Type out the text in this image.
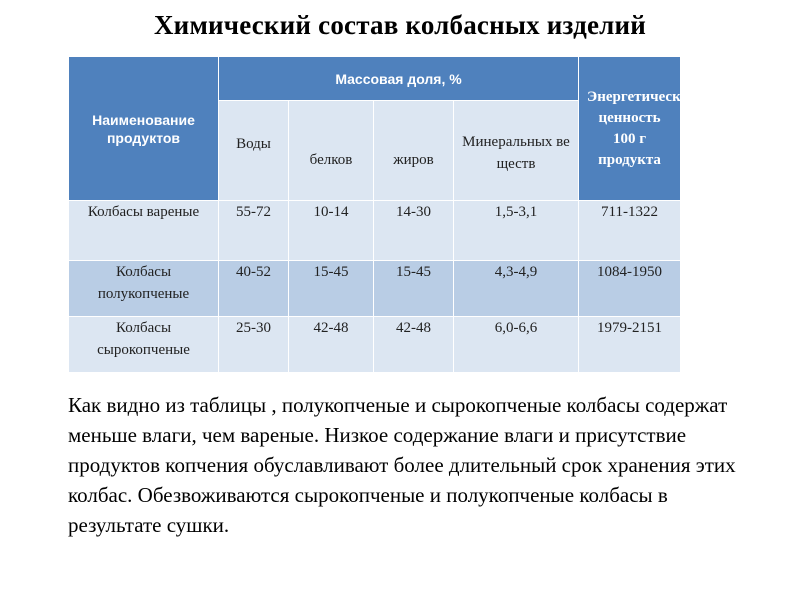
Химический состав колбасных изделий
Наименование продуктов	Массовая доля, %				Энергетическая ценность 100 г продукта
	Воды	белков	жиров	Минеральных веществ	
Колбасы вареные	55-72	10-14	14-30	1,5-3,1	711-1322
Колбасы полукопченые	40-52	15-45	15-45	4,3-4,9	1084-1950
Колбасы сырокопченые	25-30	42-48	42-48	6,0-6,6	1979-2151
Как видно из таблицы , полукопченые и сырокопченые колбасы содержат меньше влаги, чем вареные. Низкое содержание влаги и присутствие продуктов копчения обуславливают более длительный срок хранения этих колбас. Обезвоживаются сырокопченые и полукопченые колбасы в результате сушки.
